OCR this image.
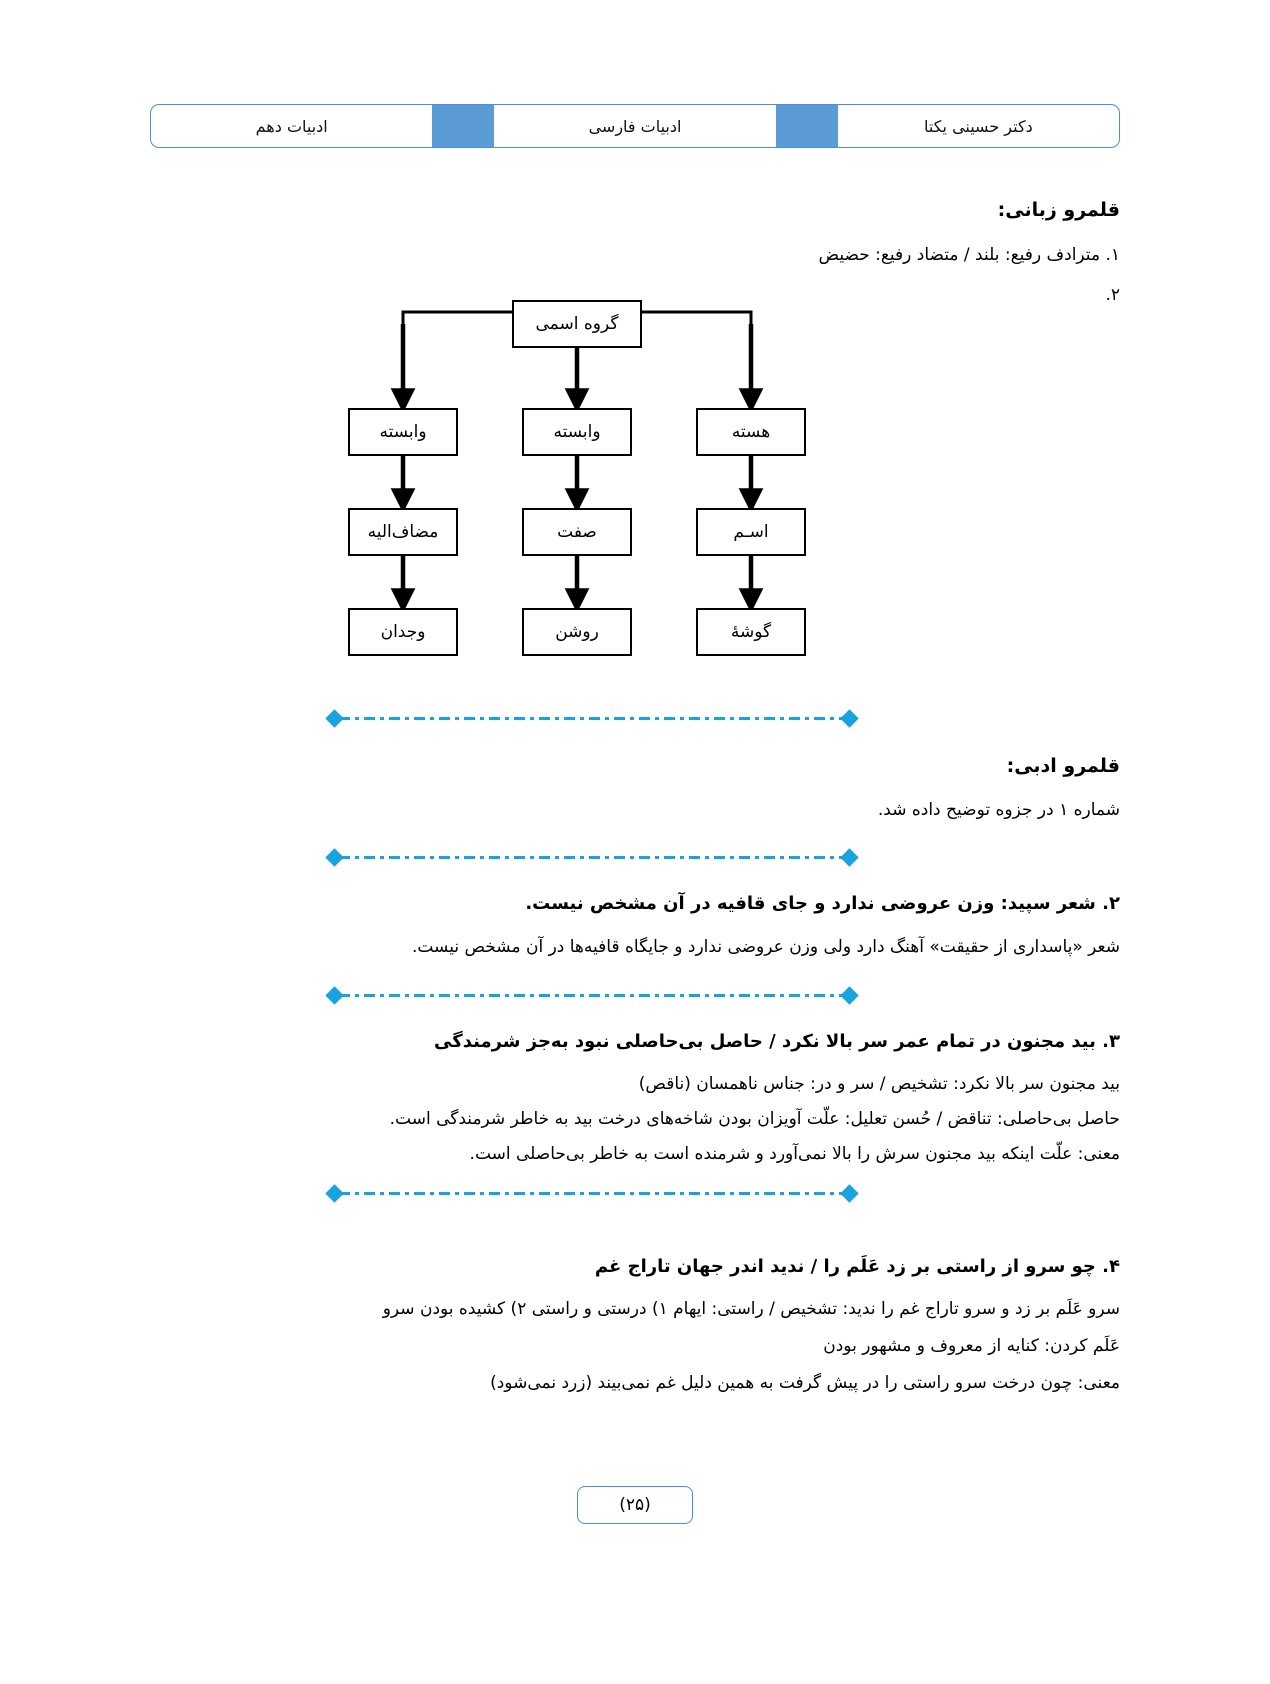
دکتر حسینی یکتا
ادبیات فارسی
ادبیات دهم
قلمرو زبانی:
۱. مترادف رفیع: بلند / متضاد رفیع: حضیض
۲.
گروه اسمی
وابسته	وابسته	هسته
مضاف‌الیه	صفت	اسـم
وجدان	روشن	گوشهٔ
قلمرو ادبی:
شماره ۱ در جزوه توضیح داده شد.
۲. شعر سپید: وزن عروضی ندارد و جای قافیه در آن مشخص نیست.
شعر «پاسداری از حقیقت» آهنگ دارد ولی وزن عروضی ندارد و جایگاه قافیه‌ها در آن مشخص نیست.
۳. بید مجنون در تمام عمر سر بالا نکرد / حاصل بی‌حاصلی نبود به‌جز شرمندگی
بید مجنون سر بالا نکرد: تشخیص / سر و در: جناس ناهمسان (ناقص)
حاصل بی‌حاصلی: تناقض / حُسن تعلیل: علّت آویزان بودن شاخه‌های درخت بید به خاطر شرمندگی است.
معنی: علّت اینکه بید مجنون سرش را بالا نمی‌آورد و شرمنده است به خاطر بی‌حاصلی است.
۴. چو سرو از راستی بر زد عَلَم را / ندید اندر جهان تاراج غم
سرو عَلَم بر زد و سرو تاراج غم را ندید: تشخیص / راستی: ایهام ۱) درستی و راستی ۲) کشیده بودن سرو
عَلَم کردن: کنایه از معروف و مشهور بودن
معنی: چون درخت سرو راستی را در پیش گرفت به همین دلیل غم نمی‌بیند (زرد نمی‌شود)
(۲۵)
